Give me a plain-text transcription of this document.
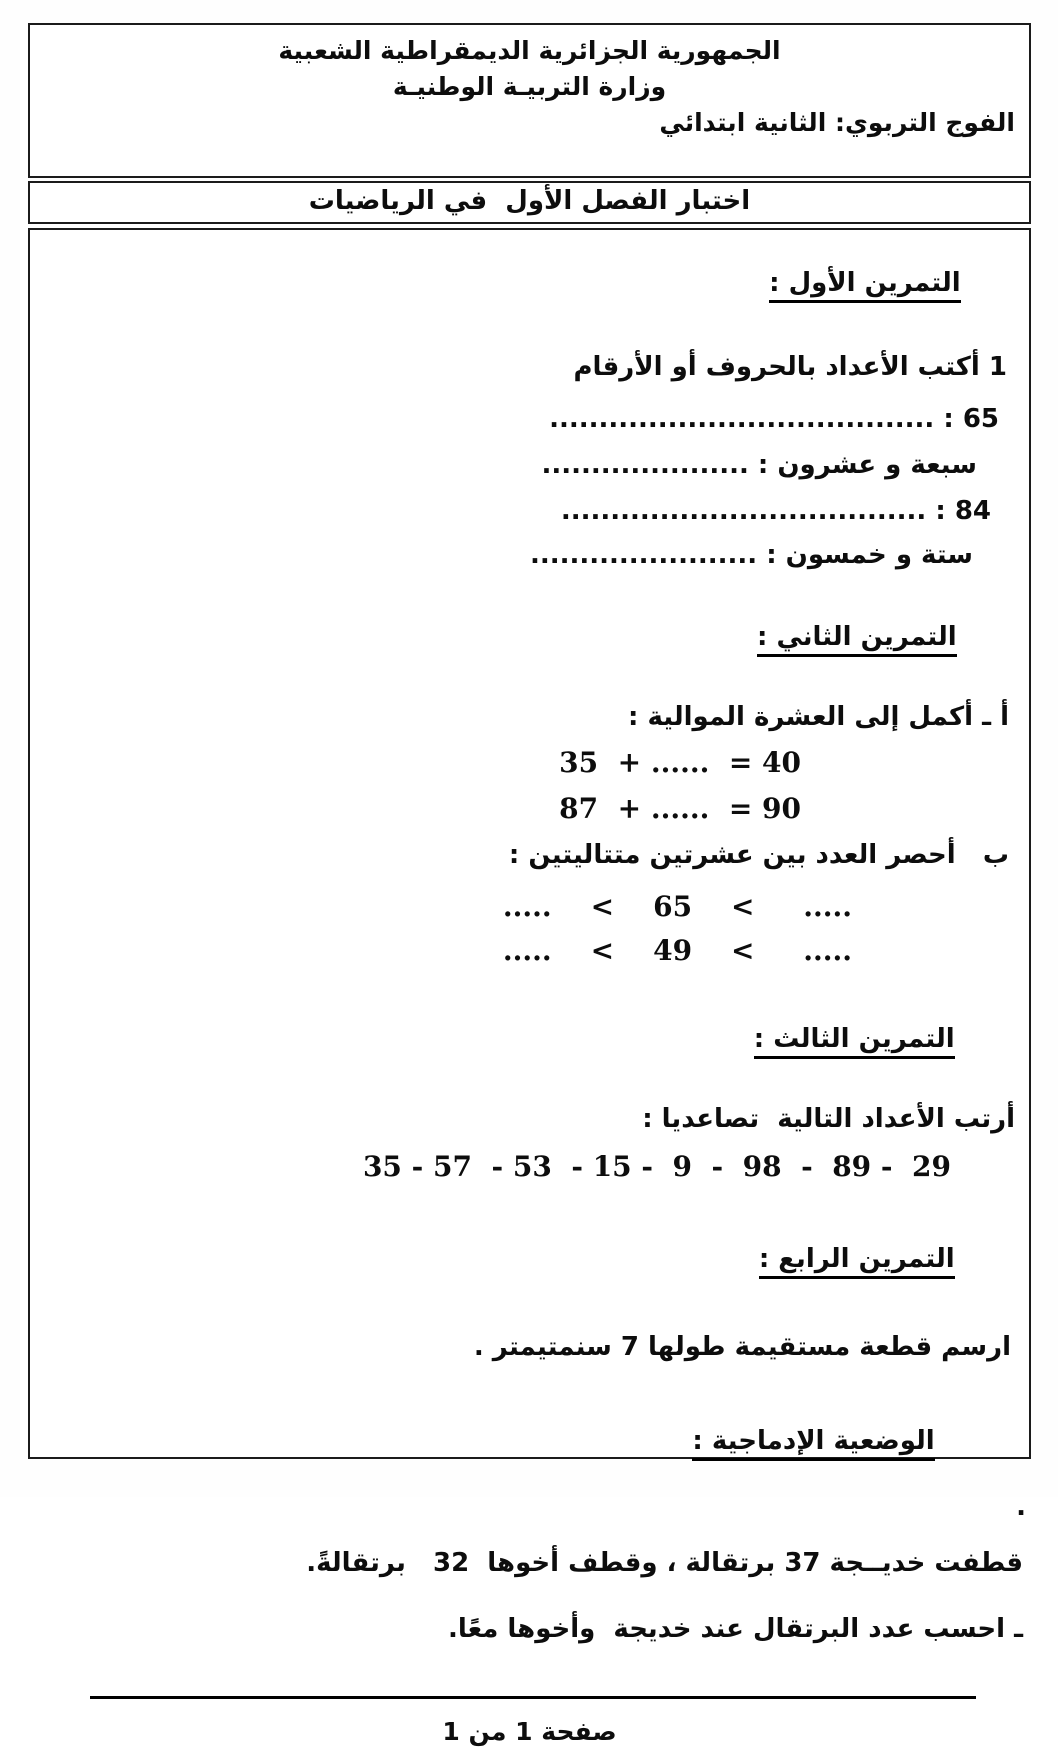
الجمهورية الجزائرية الديمقراطية الشعبية
وزارة التربيـة الوطنيـة
الفوج التربوي: الثانية ابتدائي
اختبار الفصل الأول  في الرياضيات

التمرين الأول :

1 أكتب الأعداد بالحروف أو الأرقام
65 : .......................................
سبعة و عشرون : .....................
84 : .....................................
ستة و خمسون : .......................

التمرين الثاني :

أ ـ أكمل إلى العشرة الموالية :
35  + ......  = 40
87  + ......  = 90
ب   أحصر العدد بين عشرتين متتاليتين :
.....    <    65    <     .....
.....    <    49    <     .....

التمرين الثالث :

أرتب الأعداد التالية  تصاعديا :
35 - 57  - 53  - 15 -  9  -  98  -  89 -  29

التمرين الرابع :

ارسم قطعة مستقيمة طولها 7 سنمتيمتر .

الوضعية الإدماجية :

.

قطفت خديــجة 37 برتقالة ، وقطف أخوها  32   برتقالةً.
ـ احسب عدد البرتقال عند خديجة  وأخوها معًا.
صفحة 1 من 1
